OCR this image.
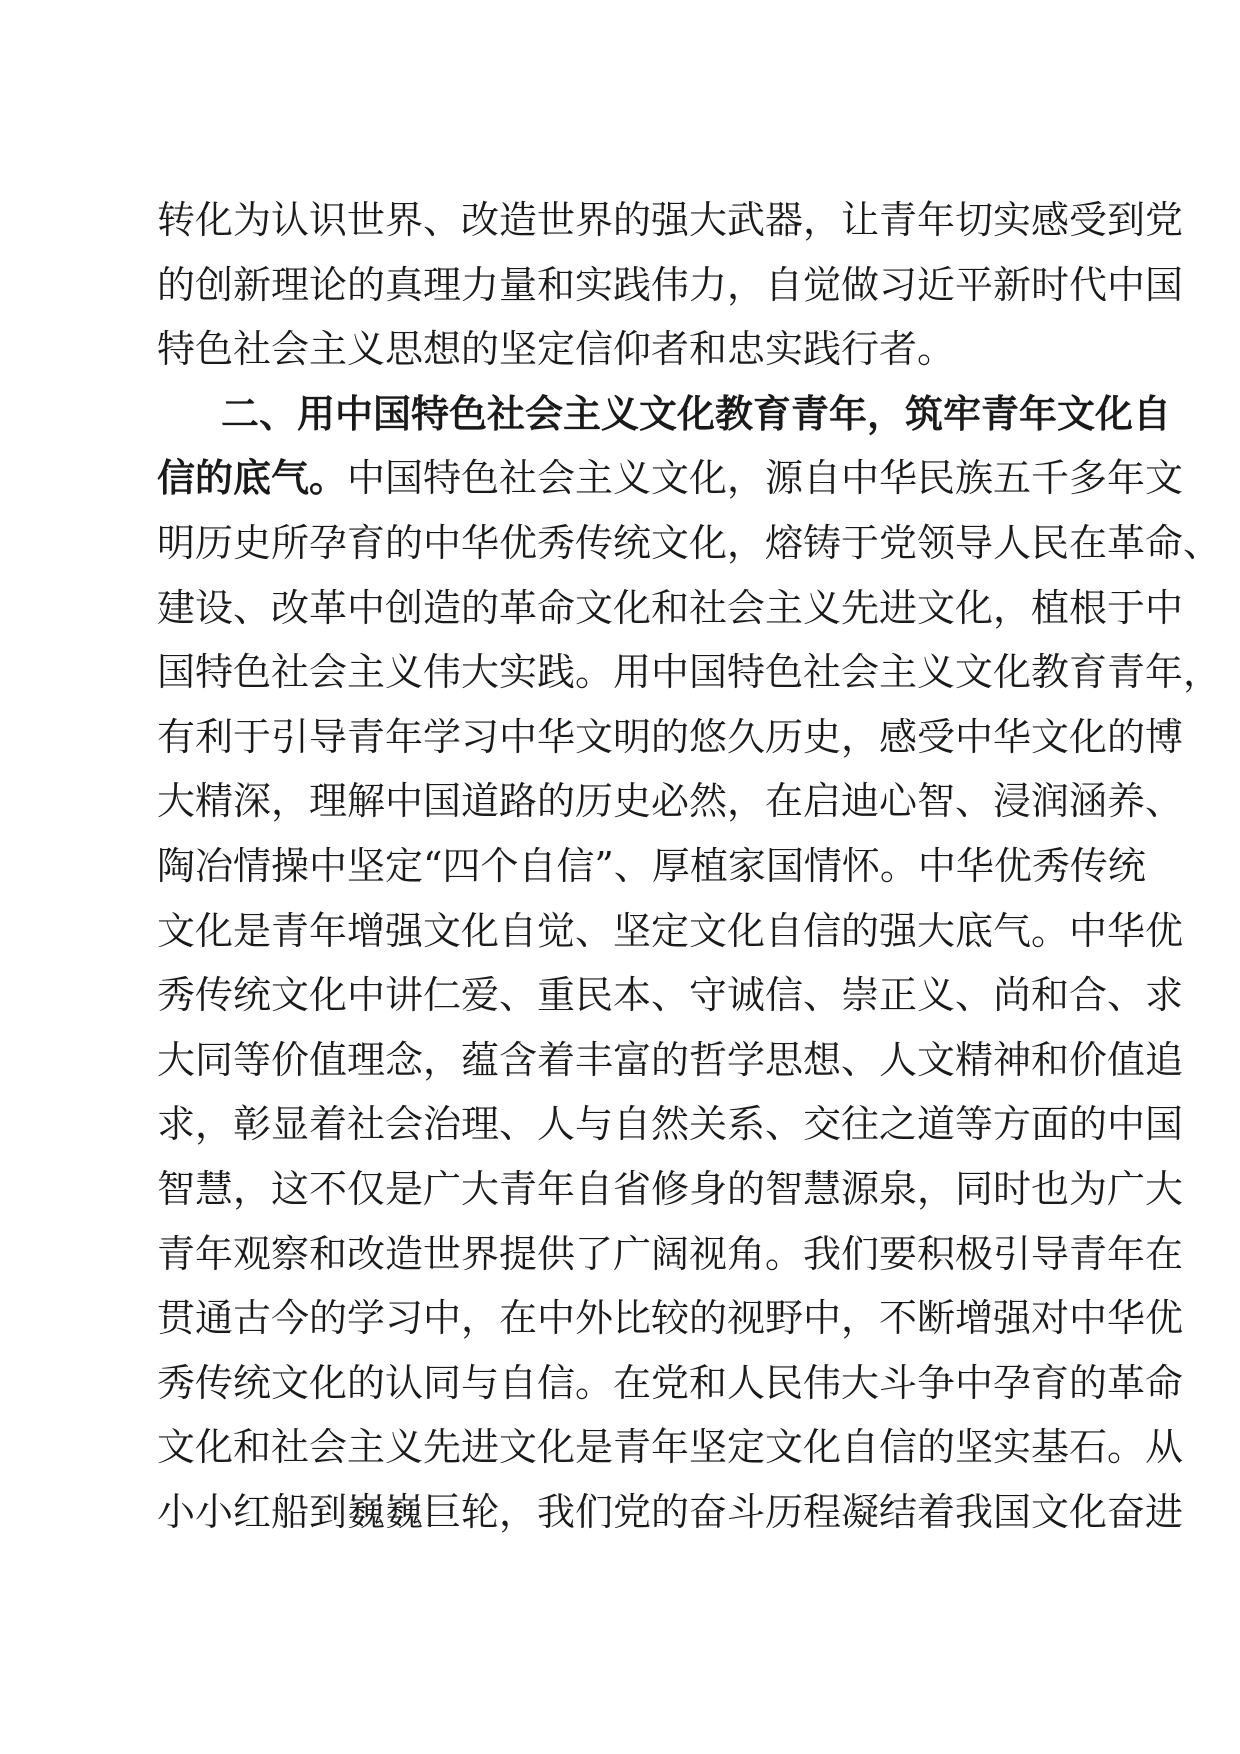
转化为认识世界、改造世界的强大武器，让青年切实感受到党
的创新理论的真理力量和实践伟力，自觉做习近平新时代中国
特色社会主义思想的坚定信仰者和忠实践行者。
二、用中国特色社会主义文化教育青年，筑牢青年文化自
信的底气。中国特色社会主义文化，源自中华民族五千多年文
明历史所孕育的中华优秀传统文化，熔铸于党领导人民在革命、
建设、改革中创造的革命文化和社会主义先进文化，植根于中
国特色社会主义伟大实践。用中国特色社会主义文化教育青年，
有利于引导青年学习中华文明的悠久历史，感受中华文化的博
大精深，理解中国道路的历史必然，在启迪心智、浸润涵养、
陶冶情操中坚定“四个自信”、厚植家国情怀。中华优秀传统
文化是青年增强文化自觉、坚定文化自信的强大底气。中华优
秀传统文化中讲仁爱、重民本、守诚信、崇正义、尚和合、求
大同等价值理念，蕴含着丰富的哲学思想、人文精神和价值追
求，彰显着社会治理、人与自然关系、交往之道等方面的中国
智慧，这不仅是广大青年自省修身的智慧源泉，同时也为广大
青年观察和改造世界提供了广阔视角。我们要积极引导青年在
贯通古今的学习中，在中外比较的视野中，不断增强对中华优
秀传统文化的认同与自信。在党和人民伟大斗争中孕育的革命
文化和社会主义先进文化是青年坚定文化自信的坚实基石。从
小小红船到巍巍巨轮，我们党的奋斗历程凝结着我国文化奋进
